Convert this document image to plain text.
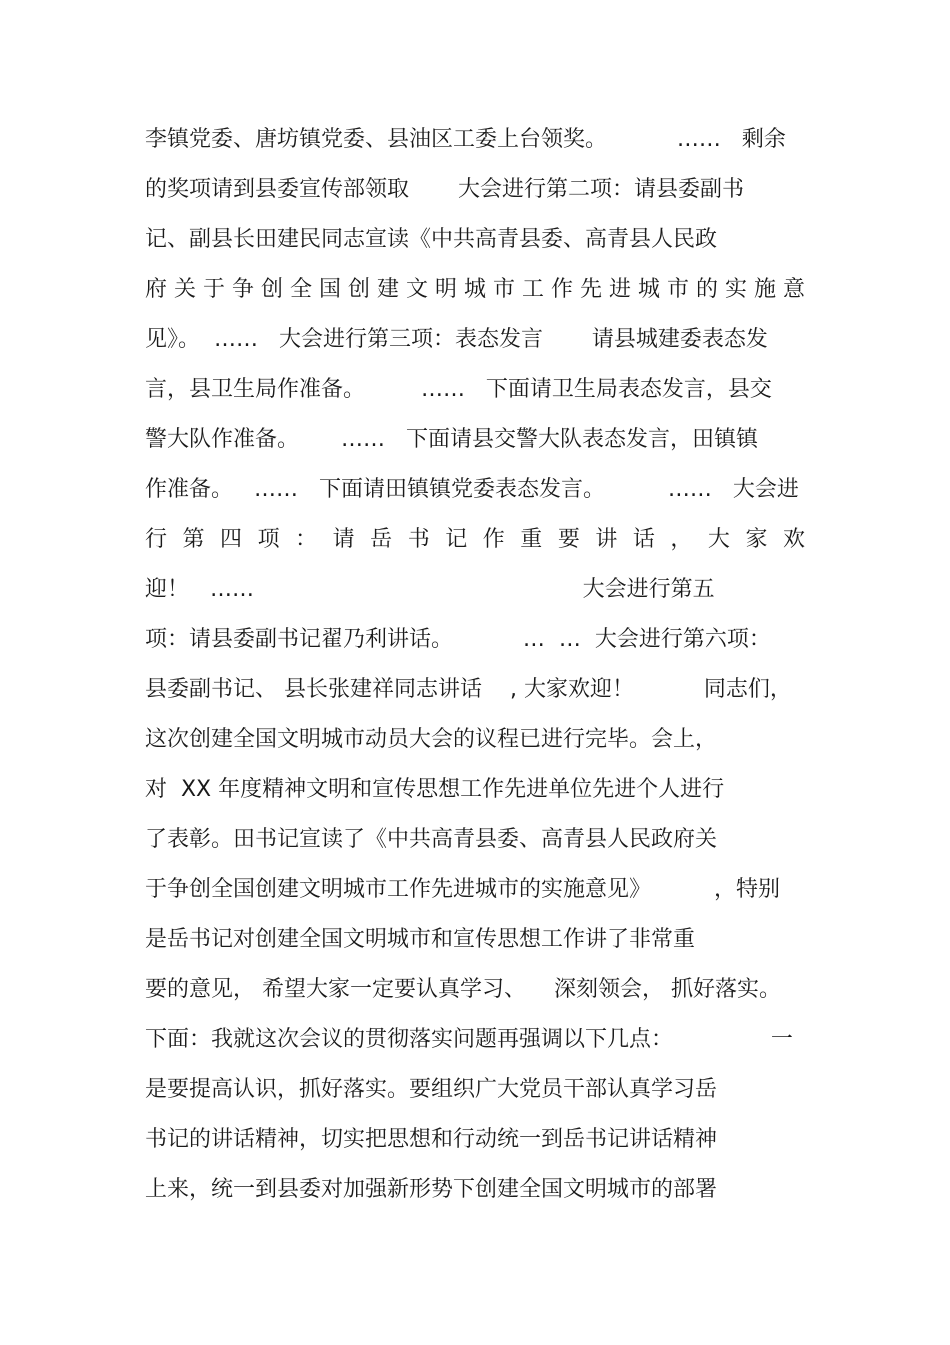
李镇党委、唐坊镇党委、县油区工委上台领奖。          ……   剩余
的奖项请到县委宣传部领取       大会进行第二项：请县委副书
记、副县长田建民同志宣读《中共高青县委、高青县人民政
府关于争创全国创建文明城市工作先进城市的实施意
见》。  ……   大会进行第三项：表态发言       请县城建委表态发
言，县卫生局作准备。        ……   下面请卫生局表态发言，县交
警大队作准备。      ……   下面请县交警大队表态发言，田镇镇
作准备。   ……   下面请田镇镇党委表态发言。         ……   大会进
行第四项：请岳书记作重要讲话，大家欢
迎！   ……                                               大会进行第五
项：请县委副书记翟乃利讲话。          …  …  大会进行第六项：
县委副书记、 县长张建祥同志讲话    , 大家欢迎！          同志们，
这次创建全国文明城市动员大会的议程已进行完毕。会上，
对  XX 年度精神文明和宣传思想工作先进单位先进个人进行
了表彰。田书记宣读了《中共高青县委、高青县人民政府关
于争创全国创建文明城市工作先进城市的实施意见》         ，特别
是岳书记对创建全国文明城市和宣传思想工作讲了非常重
要的意见， 希望大家一定要认真学习、    深刻领会， 抓好落实。
下面：我就这次会议的贯彻落实问题再强调以下几点：              一
是要提高认识，抓好落实。要组织广大党员干部认真学习岳
书记的讲话精神，切实把思想和行动统一到岳书记讲话精神
上来，统一到县委对加强新形势下创建全国文明城市的部署
